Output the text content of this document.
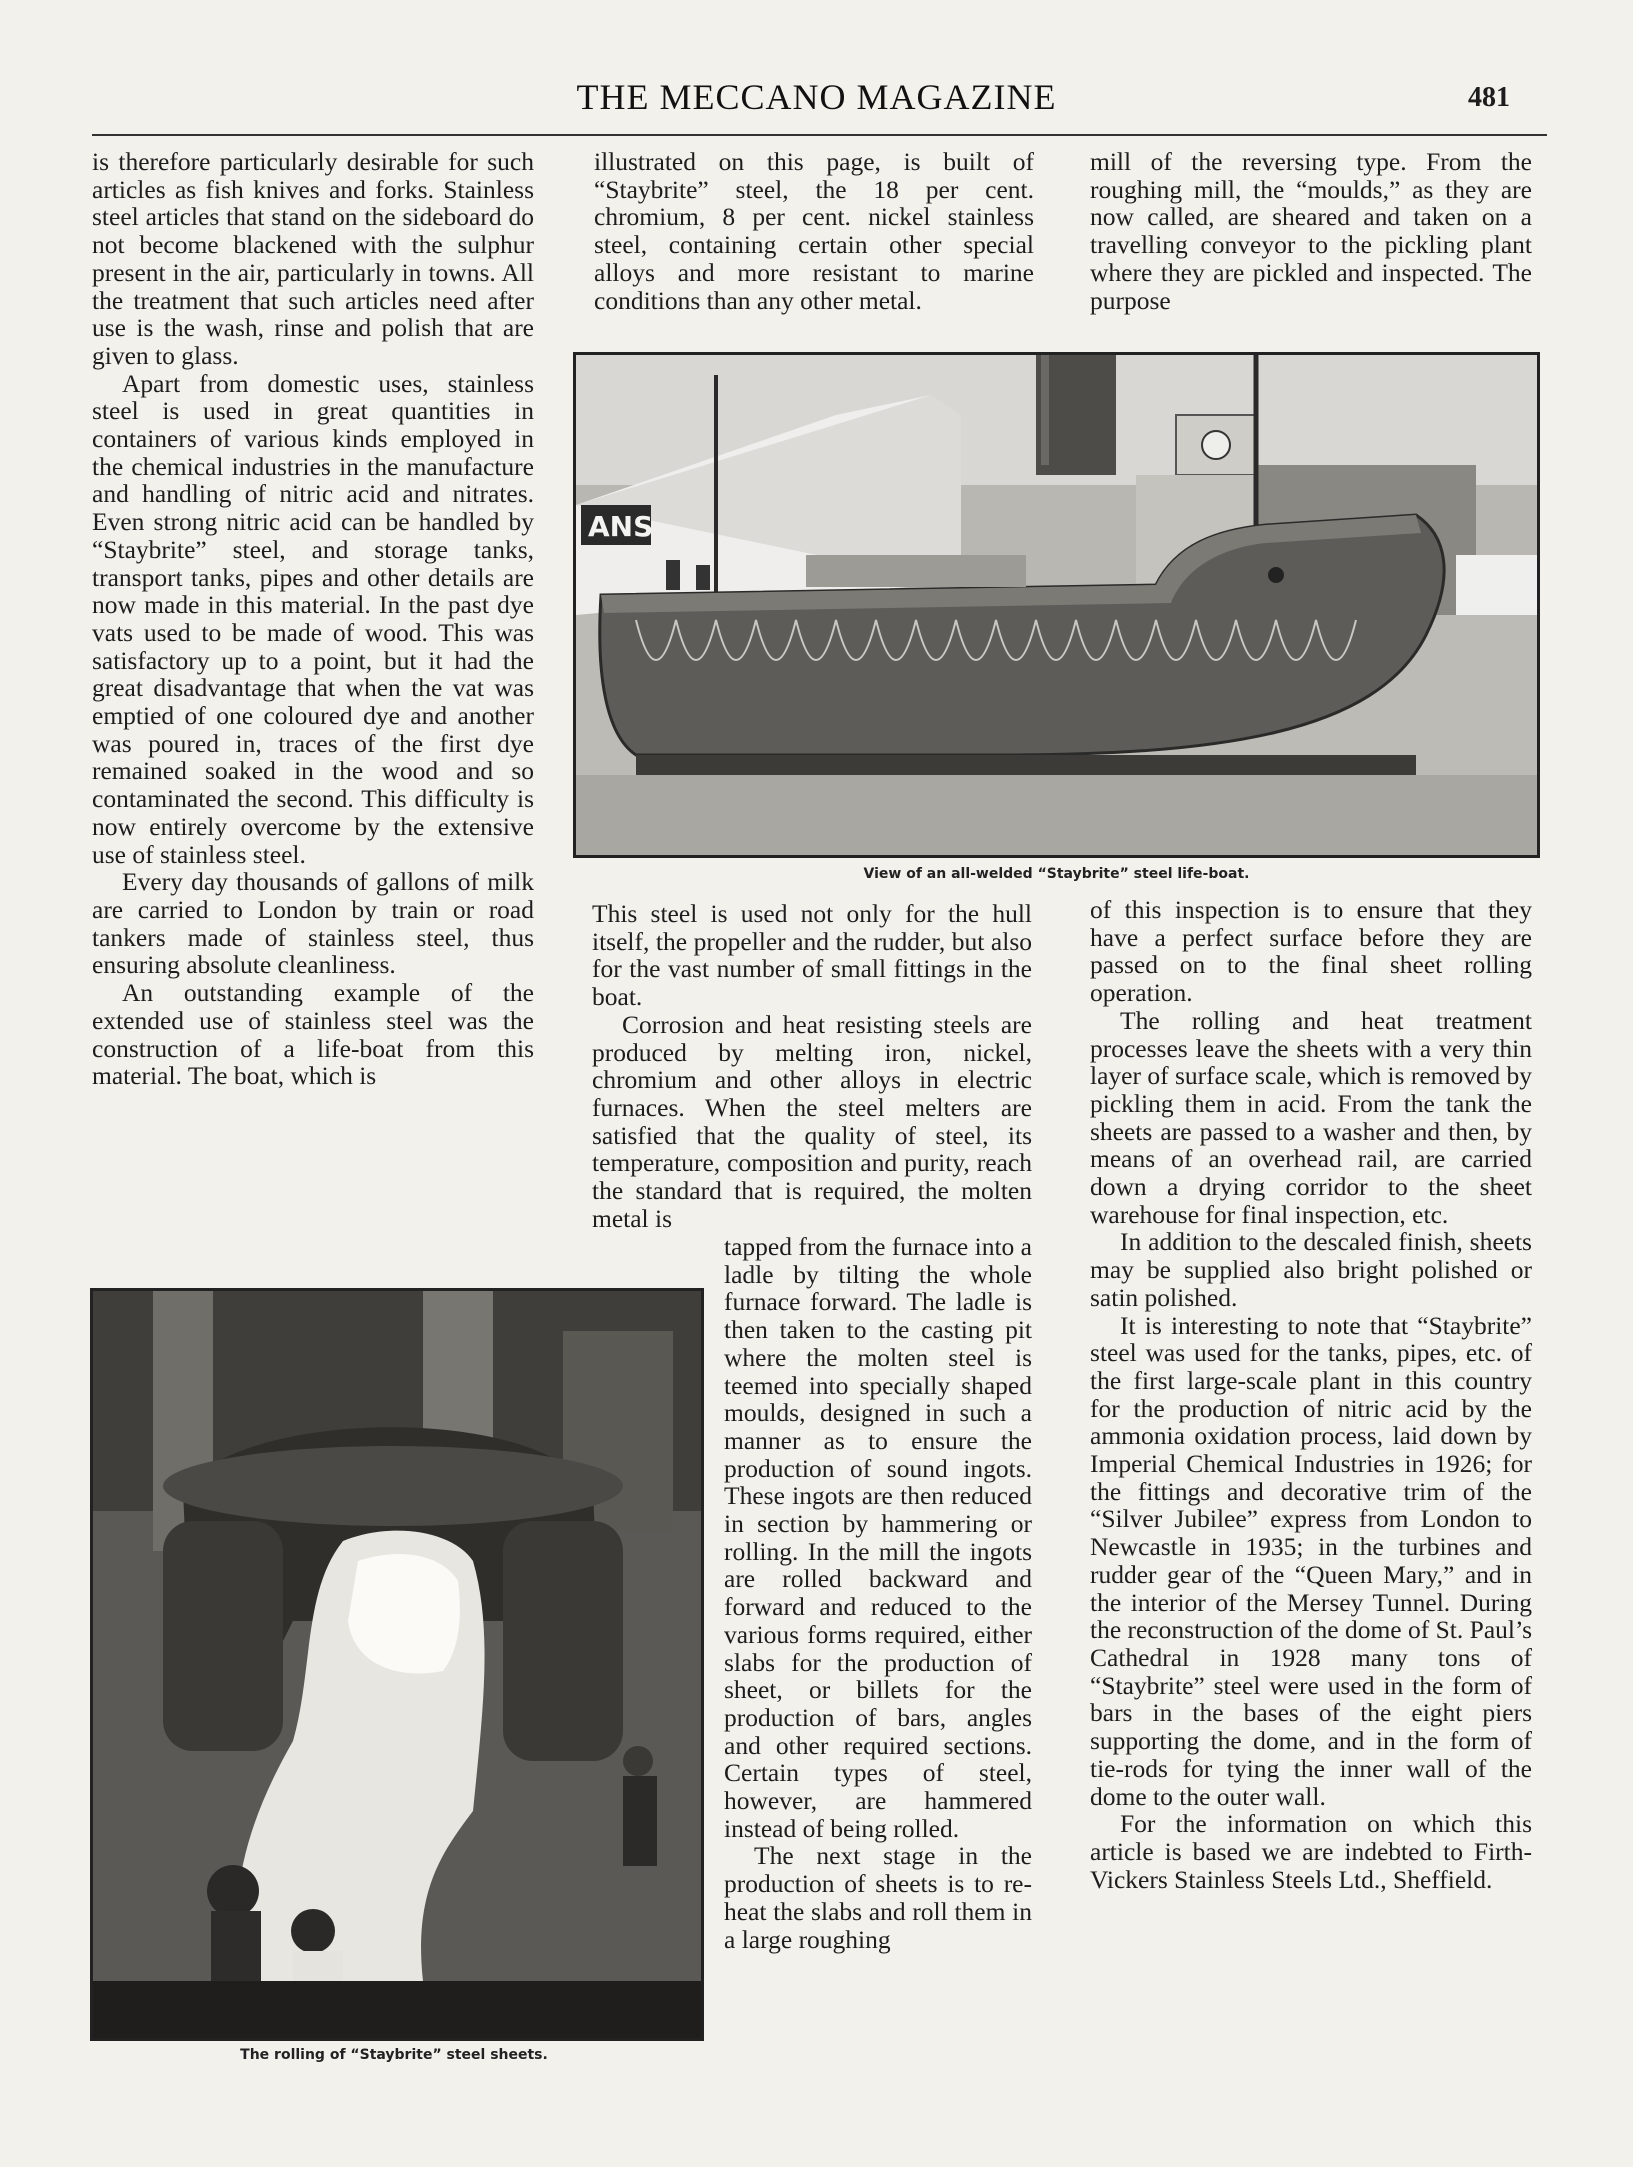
THE MECCANO MAGAZINE	481

is therefore particularly desirable for such articles as fish knives and forks. Stainless steel articles that stand on the sideboard do not become blackened with the sulphur present in the air, particularly in towns. All the treatment that such articles need after use is the wash, rinse and polish that are given to glass.

Apart from domestic uses, stainless steel is used in great quantities in containers of various kinds employed in the chemical industries in the manufacture and handling of nitric acid and nitrates. Even strong nitric acid can be handled by “Staybrite” steel, and storage tanks, transport tanks, pipes and other details are now made in this material. In the past dye vats used to be made of wood. This was satisfactory up to a point, but it had the great disadvantage that when the vat was emptied of one coloured dye and another was poured in, traces of the first dye remained soaked in the wood and so contaminated the second. This difficulty is now entirely overcome by the extensive use of stainless steel.

Every day thousands of gallons of milk are carried to London by train or road tankers made of stainless steel, thus ensuring absolute cleanliness.

An outstanding example of the extended use of stainless steel was the construction of a life-boat from this material. The boat, which is

illustrated on this page, is built of “Staybrite” steel, the 18 per cent. chromium, 8 per cent. nickel stainless steel, containing certain other special alloys and more resistant to marine conditions than any other metal.

mill of the reversing type. From the roughing mill, the “moulds,” as they are now called, are sheared and taken on a travelling conveyor to the pickling plant where they are pickled and inspected. The purpose

ANS
View of an all-welded “Staybrite” steel life-boat.

This steel is used not only for the hull itself, the propeller and the rudder, but also for the vast number of small fittings in the boat.

Corrosion and heat resisting steels are produced by melting iron, nickel, chromium and other alloys in electric furnaces. When the steel melters are satisfied that the quality of steel, its temperature, composition and purity, reach the standard that is required, the molten metal is

tapped from the furnace into a ladle by tilting the whole furnace forward. The ladle is then taken to the casting pit where the molten steel is teemed into specially shaped moulds, designed in such a manner as to ensure the production of sound ingots. These ingots are then reduced in section by hammering or rolling. In the mill the ingots are rolled backward and forward and reduced to the various forms required, either slabs for the production of sheet, or billets for the production of bars, angles and other required sections. Certain types of steel, however, are hammered instead of being rolled.

The next stage in the production of sheets is to re-heat the slabs and roll them in a large roughing

of this inspection is to ensure that they have a perfect surface before they are passed on to the final sheet rolling operation.

The rolling and heat treatment processes leave the sheets with a very thin layer of surface scale, which is removed by pickling them in acid. From the tank the sheets are passed to a washer and then, by means of an overhead rail, are carried down a drying corridor to the sheet warehouse for final inspection, etc.

In addition to the descaled finish, sheets may be supplied also bright polished or satin polished.

It is interesting to note that “Staybrite” steel was used for the tanks, pipes, etc. of the first large-scale plant in this country for the production of nitric acid by the ammonia oxidation process, laid down by Imperial Chemical Industries in 1926; for the fittings and decorative trim of the “Silver Jubilee” express from London to Newcastle in 1935; in the turbines and rudder gear of the “Queen Mary,” and in the interior of the Mersey Tunnel. During the reconstruction of the dome of St. Paul’s Cathedral in 1928 many tons of “Staybrite” steel were used in the form of bars in the bases of the eight piers supporting the dome, and in the form of tie-rods for tying the inner wall of the dome to the outer wall.

For the information on which this article is based we are indebted to Firth-Vickers Stainless Steels Ltd., Sheffield.

The rolling of “Staybrite” steel sheets.
